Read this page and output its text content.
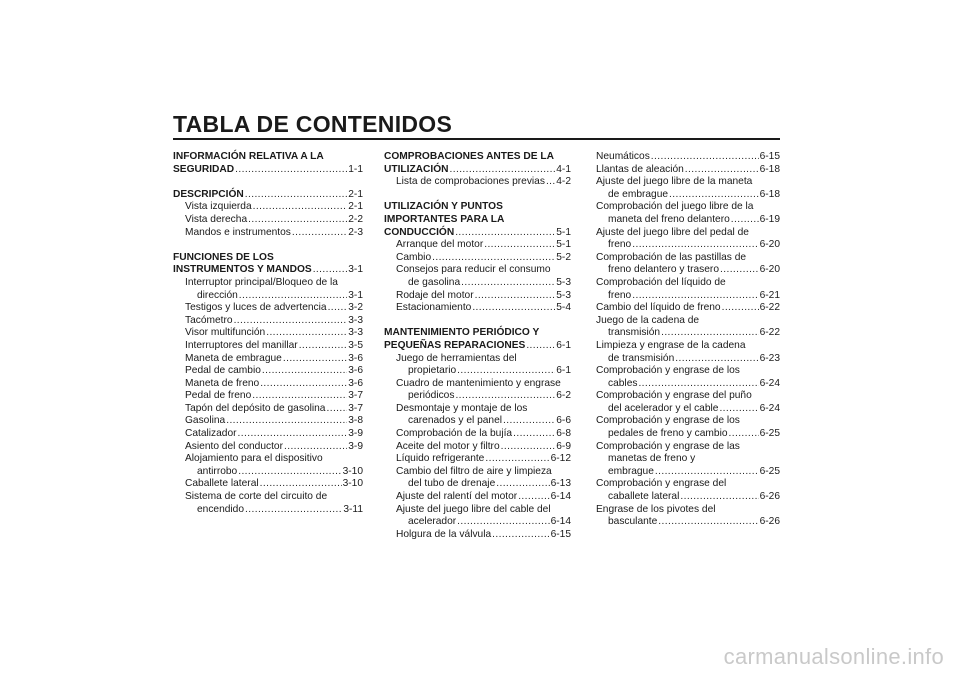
TABLA DE CONTENIDOS
INFORMACIÓN RELATIVA A LA
SEGURIDAD .....	1-1
DESCRIPCIÓN .....	2-1
Vista izquierda .....	2-1
Vista derecha .....	2-2
Mandos e instrumentos .....	2-3
FUNCIONES DE LOS
INSTRUMENTOS Y MANDOS .....	3-1
Interruptor principal/Bloqueo de la
dirección .....	3-1
Testigos y luces de advertencia ..... 3-2
Tacómetro .....	3-3
Visor multifunción .....	3-3
Interruptores del manillar .....	3-5
Maneta de embrague .....	3-6
Pedal de cambio .....	3-6
Maneta de freno .....	3-6
Pedal de freno .....	3-7
Tapón del depósito de gasolina ..... 3-7
Gasolina .....	3-8
Catalizador .....	3-9
Asiento del conductor .....	3-9
Alojamiento para el dispositivo
antirrobo .....	3-10
Caballete lateral .....	3-10
Sistema de corte del circuito de
encendido .....	3-11
COMPROBACIONES ANTES DE LA
UTILIZACIÓN .....	4-1
Lista de comprobaciones previas ..... 4-2
UTILIZACIÓN Y PUNTOS
IMPORTANTES PARA LA
CONDUCCIÓN .....	5-1
Arranque del motor .....	5-1
Cambio .....	5-2
Consejos para reducir el consumo
de gasolina .....	5-3
Rodaje del motor .....	5-3
Estacionamiento .....	5-4
MANTENIMIENTO PERIÓDICO Y
PEQUEÑAS REPARACIONES .....	6-1
Juego de herramientas del
propietario .....	6-1
Cuadro de mantenimiento y engrase
periódicos .....	6-2
Desmontaje y montaje de los
carenados y el panel .....	6-6
Comprobación de la bujía .....	6-8
Aceite del motor y filtro .....	6-9
Líquido refrigerante .....	6-12
Cambio del filtro de aire y limpieza
del tubo de drenaje .....	6-13
Ajuste del ralentí del motor .....	6-14
Ajuste del juego libre del cable del
acelerador .....	6-14
Holgura de la válvula .....	6-15
Neumáticos .....	6-15
Llantas de aleación .....	6-18
Ajuste del juego libre de la maneta
de embrague .....	6-18
Comprobación del juego libre de la
maneta del freno delantero .....	6-19
Ajuste del juego libre del pedal de
freno .....	6-20
Comprobación de las pastillas de
freno delantero y trasero .....	6-20
Comprobación del líquido de
freno .....	6-21
Cambio del líquido de freno .....	6-22
Juego de la cadena de
transmisión .....	6-22
Limpieza y engrase de la cadena
de transmisión .....	6-23
Comprobación y engrase de los
cables .....	6-24
Comprobación y engrase del puño
del acelerador y el cable .....	6-24
Comprobación y engrase de los
pedales de freno y cambio .....	6-25
Comprobación y engrase de las
manetas de freno y
embrague .....	6-25
Comprobación y engrase del
caballete lateral .....	6-26
Engrase de los pivotes del
basculante .....	6-26
carmanualsonline.info
